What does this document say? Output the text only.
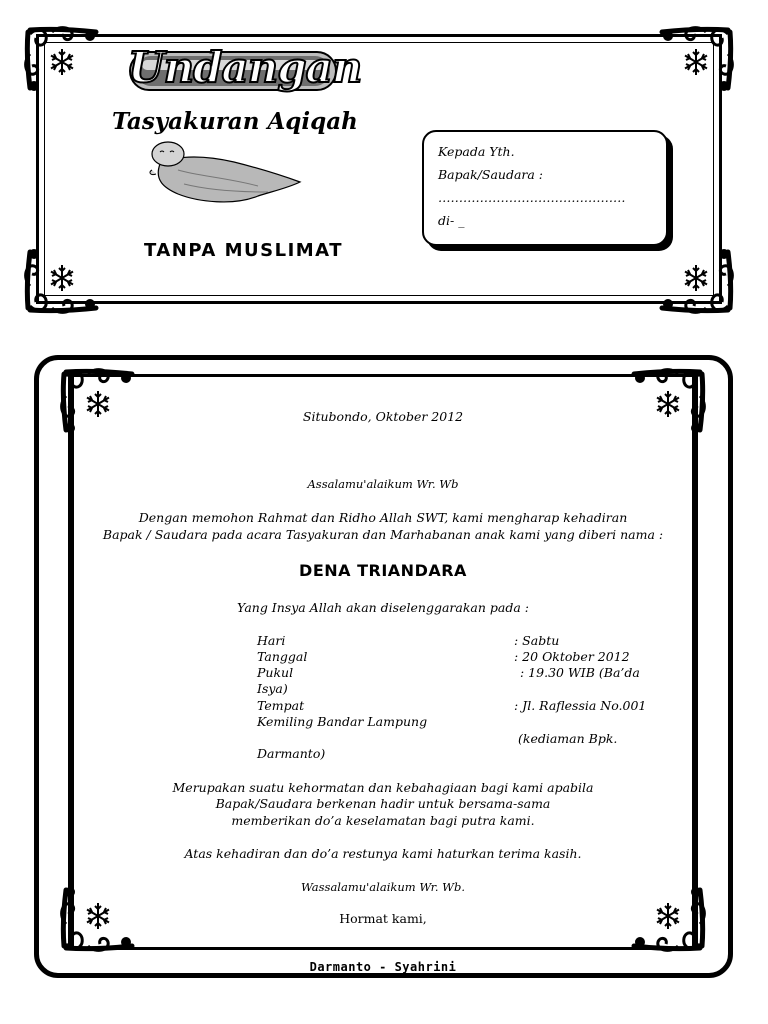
Undangan
Tasyakuran Aqiqah
TANPA MUSLIMAT
Kepada Yth.
Bapak/Saudara :
………………………………………
di- _
Situbondo, Oktober 2012
Assalamu'alaikum Wr. Wb
Dengan memohon Rahmat dan Ridho Allah SWT, kami mengharap kehadiran
Bapak / Saudara pada acara Tasyakuran dan Marhabanan anak kami yang diberi nama :
DENA TRIANDARA
Yang Insya Allah akan diselenggarakan pada :
Hari	: Sabtu
Tanggal	: 20 Oktober 2012
Pukul	: 19.30 WIB (Ba’da
Isya)
Tempat	: Jl. Raflessia No.001
Kemiling Bandar Lampung
(kediaman Bpk.
Darmanto)
Merupakan suatu kehormatan dan kebahagiaan bagi kami apabila
Bapak/Saudara berkenan hadir untuk bersama-sama
memberikan do’a keselamatan bagi putra kami.
Atas kehadiran dan do’a restunya kami haturkan terima kasih.
Wassalamu'alaikum Wr. Wb.
Hormat kami,
Darmanto - Syahrini
